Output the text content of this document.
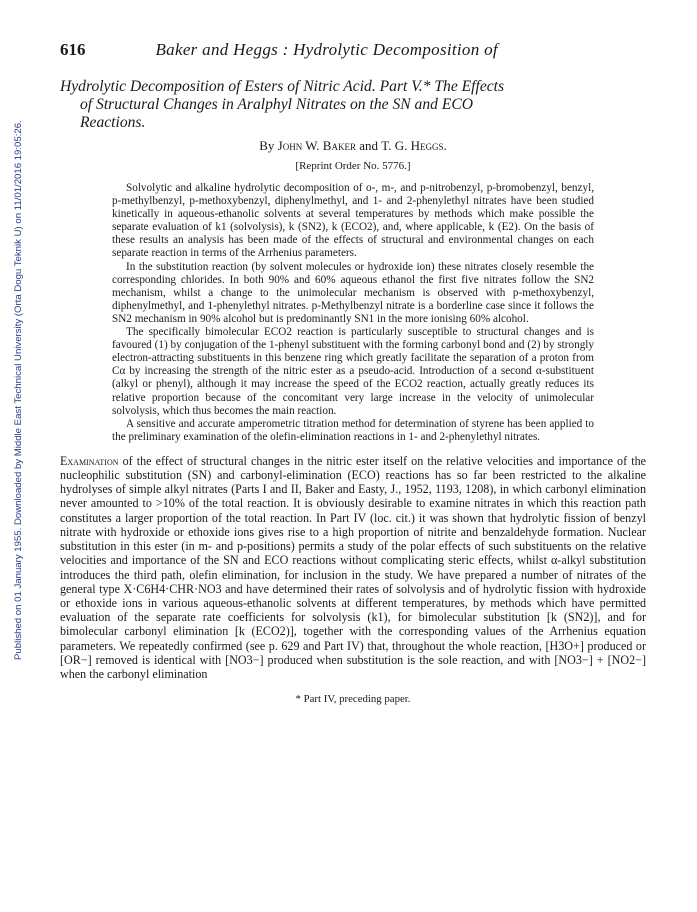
Published on 01 January 1955. Downloaded by Middle East Technical University (Orta Dogu Teknik U) on 11/01/2016 19:05:26.
616	Baker and Heggs : Hydrolytic Decomposition of
Hydrolytic Decomposition of Esters of Nitric Acid. Part V.* The Effects
of Structural Changes in Aralphyl Nitrates on the SN and ECO
Reactions.
By John W. Baker and T. G. Heggs.
[Reprint Order No. 5776.]

Solvolytic and alkaline hydrolytic decomposition of o-, m-, and p-nitrobenzyl, p-bromobenzyl, benzyl, p-methylbenzyl, p-methoxybenzyl, diphenylmethyl, and 1- and 2-phenylethyl nitrates have been studied kinetically in aqueous-ethanolic solvents at several temperatures by methods which make possible the separate evaluation of k1 (solvolysis), k (SN2), k (ECO2), and, where applicable, k (E2). On the basis of these results an analysis has been made of the effects of structural and environmental changes on each separate reaction in terms of the Arrhenius parameters.

In the substitution reaction (by solvent molecules or hydroxide ion) these nitrates closely resemble the corresponding chlorides. In both 90% and 60% aqueous ethanol the first five nitrates follow the SN2 mechanism, whilst a change to the unimolecular mechanism is observed with p-methoxybenzyl, diphenylmethyl, and 1-phenylethyl nitrates. p-Methylbenzyl nitrate is a borderline case since it follows the SN2 mechanism in 90% alcohol but is predominantly SN1 in the more ionising 60% alcohol.

The specifically bimolecular ECO2 reaction is particularly susceptible to structural changes and is favoured (1) by conjugation of the 1-phenyl substituent with the forming carbonyl bond and (2) by strongly electron-attracting substituents in this benzene ring which greatly facilitate the separation of a proton from Cα by increasing the strength of the nitric ester as a pseudo-acid. Introduction of a second α-substituent (alkyl or phenyl), although it may increase the speed of the ECO2 reaction, actually greatly reduces its relative proportion because of the concomitant very large increase in the velocity of unimolecular solvolysis, which thus becomes the main reaction.

A sensitive and accurate amperometric titration method for determination of styrene has been applied to the preliminary examination of the olefin-elimination reactions in 1- and 2-phenylethyl nitrates.

Examination of the effect of structural changes in the nitric ester itself on the relative velocities and importance of the nucleophilic substitution (SN) and carbonyl-elimination (ECO) reactions has so far been restricted to the alkaline hydrolyses of simple alkyl nitrates (Parts I and II, Baker and Easty, J., 1952, 1193, 1208), in which carbonyl elimination never amounted to >10% of the total reaction. It is obviously desirable to examine nitrates in which this reaction path constitutes a larger proportion of the total reaction. In Part IV (loc. cit.) it was shown that hydrolytic fission of benzyl nitrate with hydroxide or ethoxide ions gives rise to a high proportion of nitrite and benzaldehyde formation. Nuclear substitution in this ester (in m- and p-positions) permits a study of the polar effects of such substituents on the relative velocities and importance of the SN and ECO reactions without complicating steric effects, whilst α-alkyl substitution introduces the third path, olefin elimination, for inclusion in the study. We have prepared a number of nitrates of the general type X·C6H4·CHR·NO3 and have determined their rates of solvolysis and of hydrolytic fission with hydroxide or ethoxide ions in various aqueous-ethanolic solvents at different temperatures, by methods which have permitted evaluation of the separate rate coefficients for solvolysis (k1), for bimolecular substitution [k (SN2)], and for bimolecular carbonyl elimination [k (ECO2)], together with the corresponding values of the Arrhenius equation parameters. We repeatedly confirmed (see p. 629 and Part IV) that, throughout the whole reaction, [H3O+] produced or [OR−] removed is identical with [NO3−] produced when substitution is the sole reaction, and with [NO3−] + [NO2−] when the carbonyl elimination

* Part IV, preceding paper.
